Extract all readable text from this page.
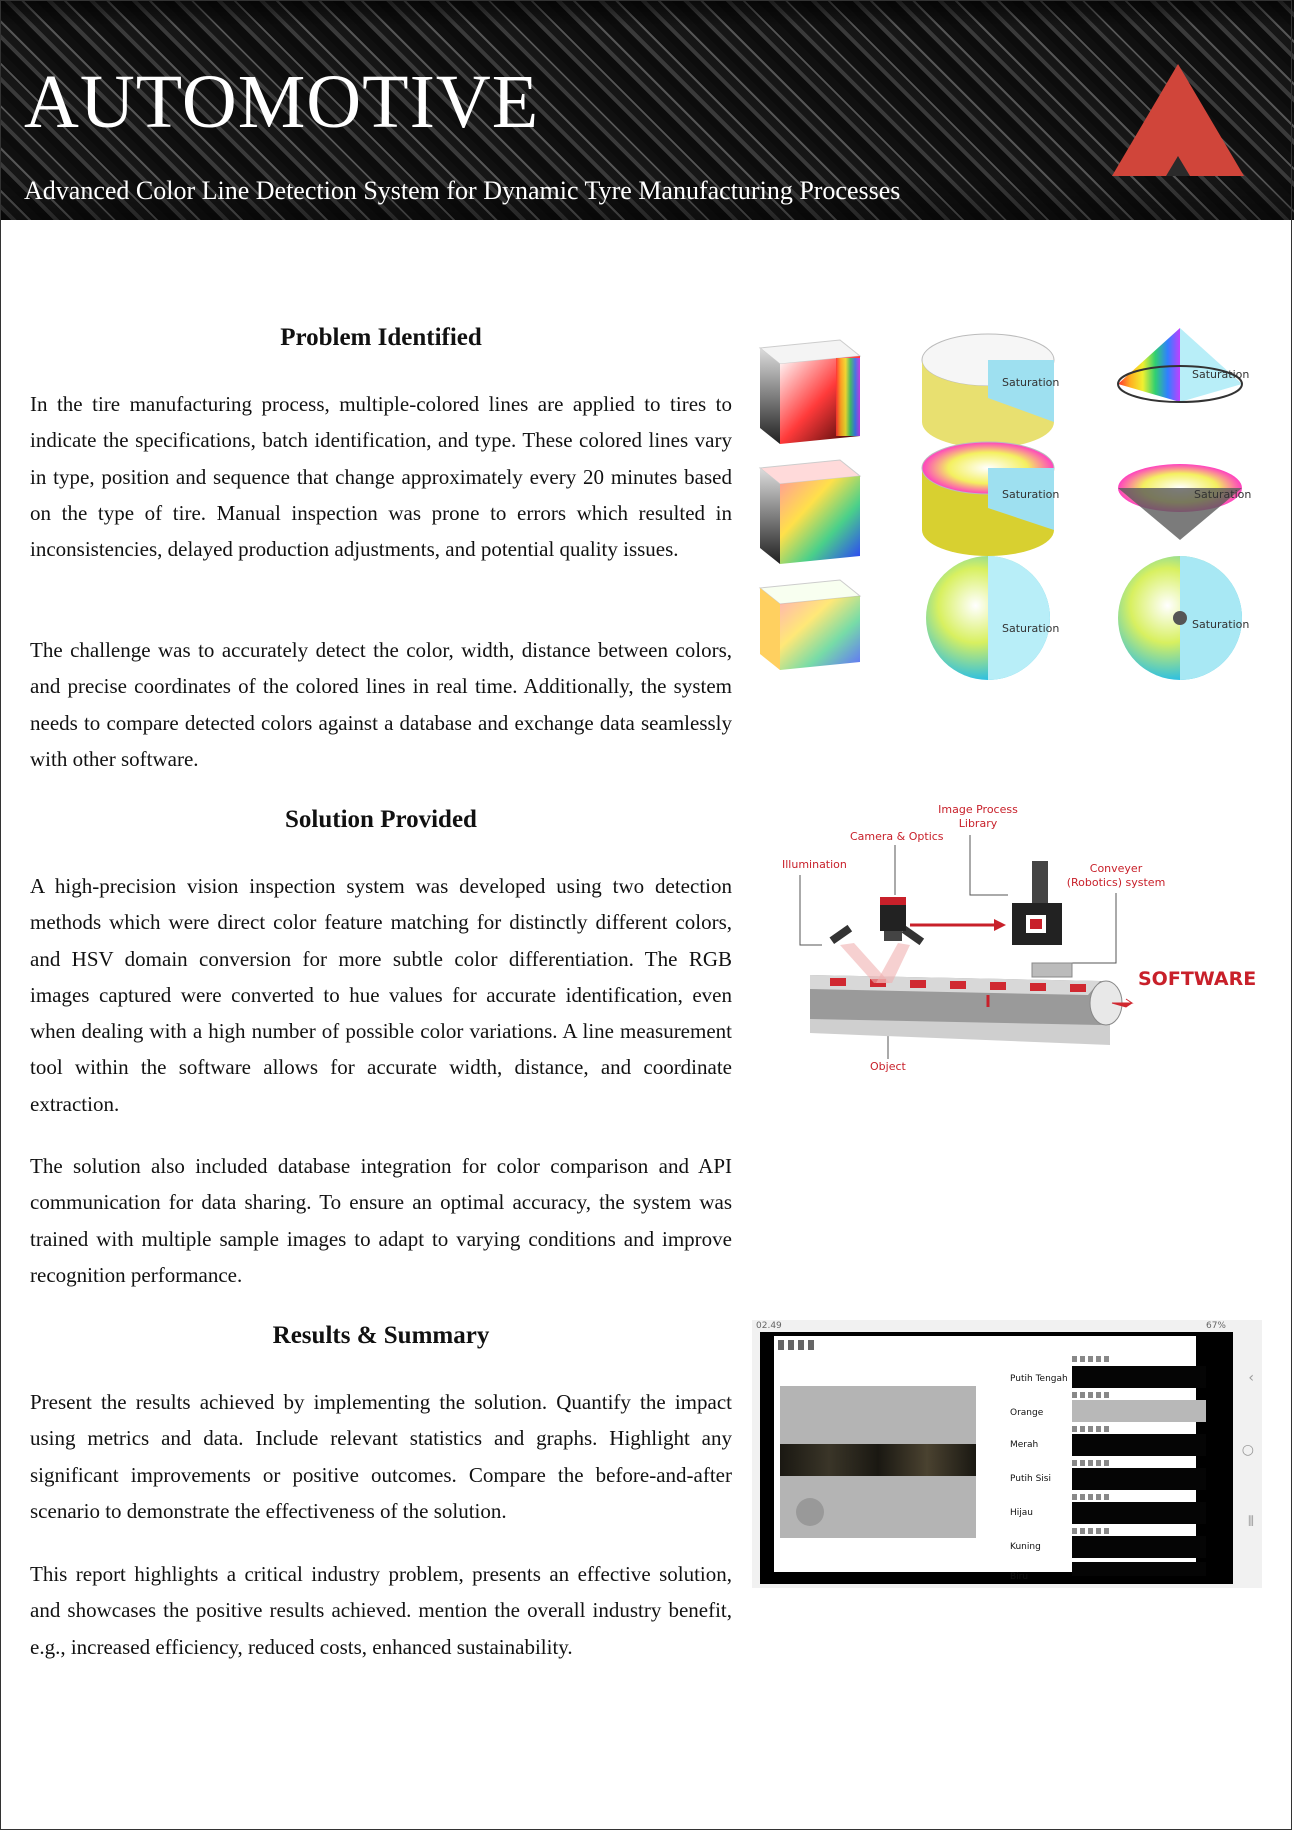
AUTOMOTIVE
Advanced Color Line Detection System for Dynamic Tyre Manufacturing Processes
Problem Identified

In the tire manufacturing process, multiple-colored lines are applied to tires to indicate the specifications, batch identification, and type. These colored lines vary in type, position and sequence that change approximately every 20 minutes based on the type of tire. Manual inspection was prone to errors which resulted in inconsistencies, delayed production adjustments, and potential quality issues.

The challenge was to accurately detect the color, width, distance between colors, and precise coordinates of the colored lines in real time. Additionally, the system needs to compare detected colors against a database and exchange data seamlessly with other software.

Solution Provided

A high-precision vision inspection system was developed using two detection methods which were direct color feature matching for distinctly different colors, and HSV domain conversion for more subtle color differentiation. The RGB images captured were converted to hue values for accurate identification, even when dealing with a high number of possible color variations. A line measurement tool within the software allows for accurate width, distance, and coordinate extraction.

The solution also included database integration for color comparison and API communication for data sharing. To ensure an optimal accuracy, the system was trained with multiple sample images to adapt to varying conditions and improve recognition performance.

Results & Summary

Present the results achieved by implementing the solution. Quantify the impact using metrics and data. Include relevant statistics and graphs. Highlight any significant improvements or positive outcomes. Compare the before-and-after scenario to demonstrate the effectiveness of the solution.

This report highlights a critical industry problem, presents an effective solution, and showcases the positive results achieved. mention the overall industry benefit, e.g., increased efficiency, reduced costs, enhanced sustainability.

Saturation
Saturation
Saturation	Saturation
Saturation	Saturation
Illumination
Camera & Optics
Image Process
Library
Conveyer
(Robotics) system
Object
SOFTWARE
02.49	67%
Putih Tengah
Orange
Merah
Putih Sisi
Hijau
Kuning
Biru
‹
○
⦀
